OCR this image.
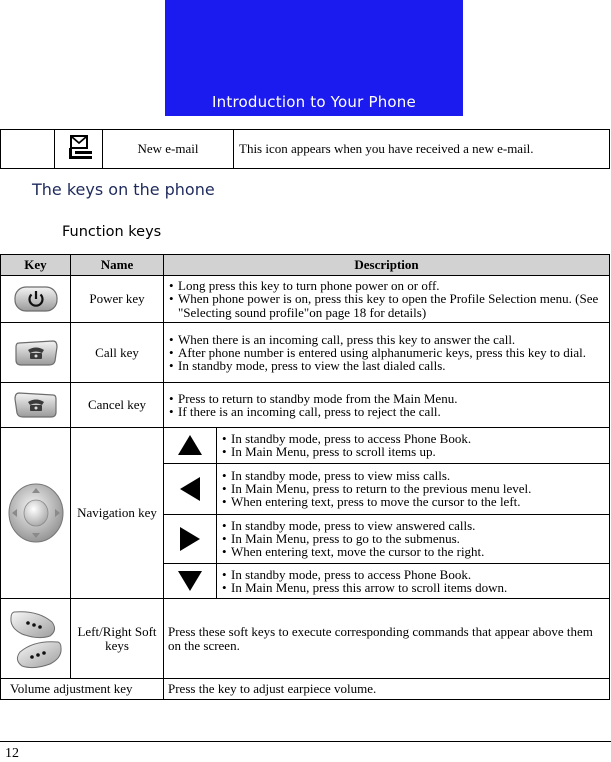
Introduction to Your Phone

	New e-mail	This icon appears when you have received a new e-mail.
The keys on the phone
Function keys
Key	Name	Description

	Power key	
• Long press this key to turn phone power on or off.
• When phone power is on, press this key to open the Profile Selection menu. (See "Selecting sound profile"on page 18 for details)

	Call key	
• When there is an incoming call, press this key to answer the call.
• After phone number is entered using alphanumeric keys, press this key to dial.
• In standby mode, press to view the last dialed calls.

	Cancel key	
•Press to return to standby mode from the Main Menu.
• If there is an incoming call, press to reject the call.

	Navigation key	

• In standby mode, press to access Phone Book.
• In Main Menu, press to scroll items up.

• In standby mode, press to view miss calls.
• In Main Menu, press to return to the previous menu level.
• When entering text, press to move the cursor to the left.

• In standby mode, press to view answered calls.
• In Main Menu, press to go to the submenus.
• When entering text, move the cursor to the right.

• In standby mode, press to access Phone Book.
• In Main Menu, press this arrow to scroll items down.

	Left/Right Soft keys	Press these soft keys to execute corresponding commands that appear above them on the screen.
Volume adjustment key	Press the key to adjust earpiece volume.
12
